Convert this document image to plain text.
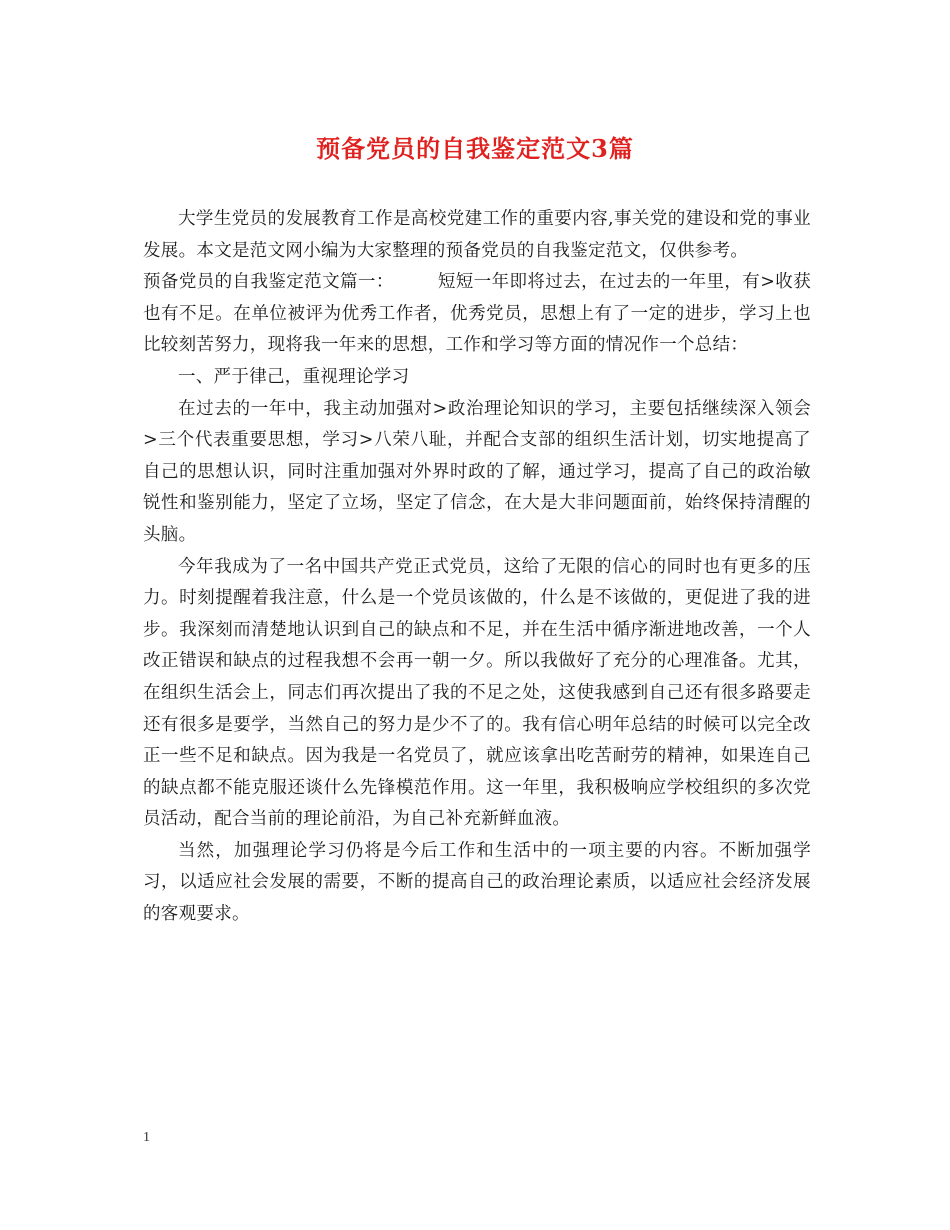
预备党员的自我鉴定范文3篇

大学生党员的发展教育工作是高校党建工作的重要内容,事关党的建设和党的事业发展。本文是范文网小编为大家整理的预备党员的自我鉴定范文，仅供参考。

预备党员的自我鉴定范文篇一：	短短一年即将过去，在过去的一年里，有>收获也有不足。在单位被评为优秀工作者，优秀党员，思想上有了一定的进步，学习上也比较刻苦努力，现将我一年来的思想，工作和学习等方面的情况作一个总结：

一、严于律己，重视理论学习

在过去的一年中，我主动加强对>政治理论知识的学习，主要包括继续深入领会>三个代表重要思想，学习>八荣八耻，并配合支部的组织生活计划，切实地提高了自己的思想认识，同时注重加强对外界时政的了解，通过学习，提高了自己的政治敏锐性和鉴别能力，坚定了立场，坚定了信念，在大是大非问题面前，始终保持清醒的头脑。

今年我成为了一名中国共产党正式党员，这给了无限的信心的同时也有更多的压力。时刻提醒着我注意，什么是一个党员该做的，什么是不该做的，更促进了我的进步。我深刻而清楚地认识到自己的缺点和不足，并在生活中循序渐进地改善，一个人改正错误和缺点的过程我想不会再一朝一夕。所以我做好了充分的心理准备。尤其，在组织生活会上，同志们再次提出了我的不足之处，这使我感到自己还有很多路要走还有很多是要学，当然自己的努力是少不了的。我有信心明年总结的时候可以完全改正一些不足和缺点。因为我是一名党员了，就应该拿出吃苦耐劳的精神，如果连自己的缺点都不能克服还谈什么先锋模范作用。这一年里，我积极响应学校组织的多次党员活动，配合当前的理论前沿，为自己补充新鲜血液。

当然，加强理论学习仍将是今后工作和生活中的一项主要的内容。不断加强学习，以适应社会发展的需要，不断的提高自己的政治理论素质，以适应社会经济发展的客观要求。

1
